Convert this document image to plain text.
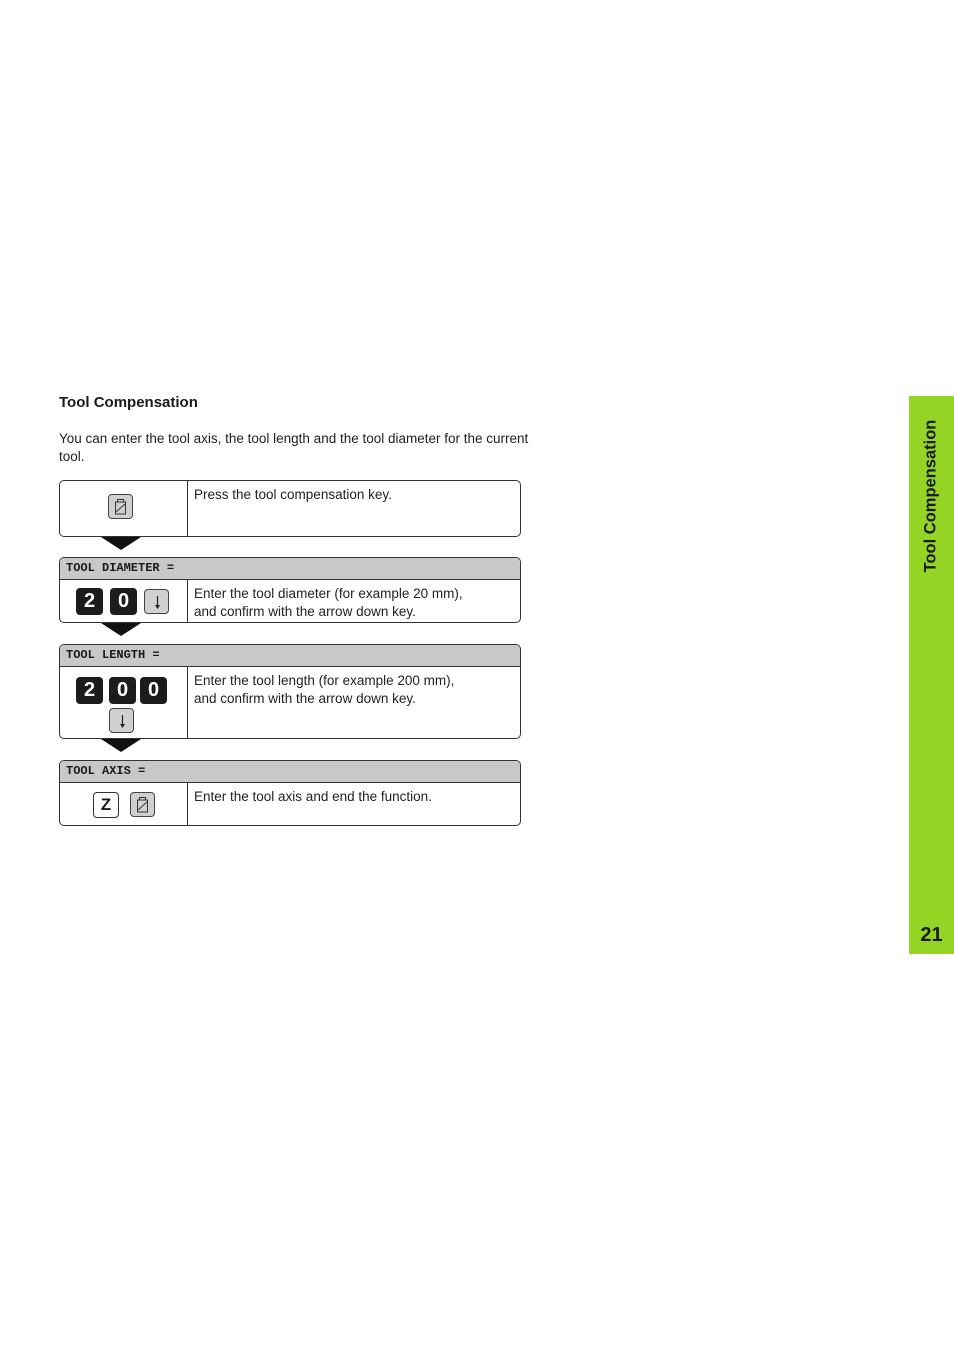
Tool Compensation

You can enter the tool axis, the tool length and the tool diameter for the current tool.

Press the tool compensation key.
TOOL DIAMETER =
2	0	Enter the tool diameter (for example 20 mm),
and confirm with the arrow down key.
TOOL LENGTH =
2	0 0	Enter the tool length (for example 200 mm),
and confirm with the arrow down key.
TOOL AXIS =
Z	Enter the tool axis and end the function.
Tool Compensation
21
